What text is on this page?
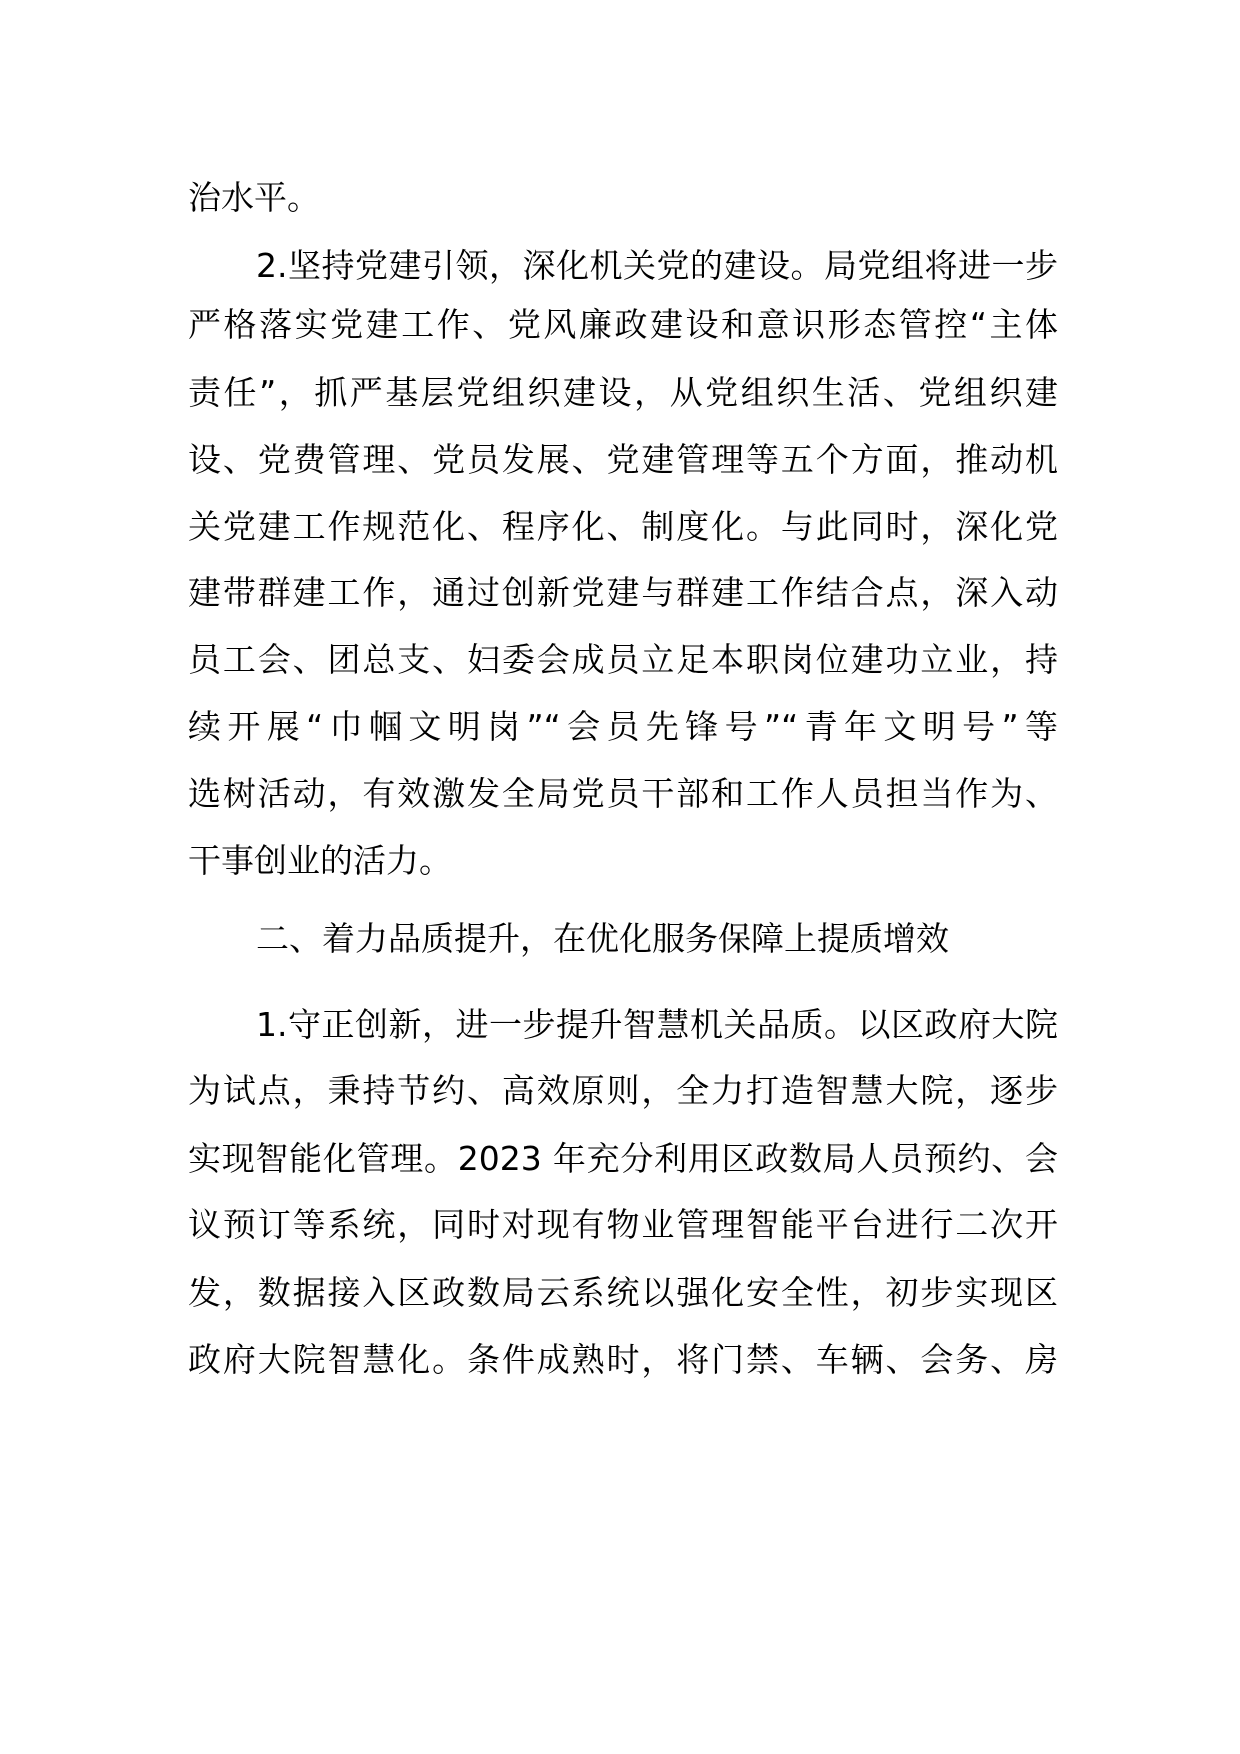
治水平。
2.坚持党建引领，深化机关党的建设。局党组将进一步
严格落实党建工作、党风廉政建设和意识形态管控“主体
责任”，抓严基层党组织建设，从党组织生活、党组织建
设、党费管理、党员发展、党建管理等五个方面，推动机
关党建工作规范化、程序化、制度化。与此同时，深化党
建带群建工作，通过创新党建与群建工作结合点，深入动
员工会、团总支、妇委会成员立足本职岗位建功立业，持
续开展“巾帼文明岗”“会员先锋号”“青年文明号”等
选树活动，有效激发全局党员干部和工作人员担当作为、
干事创业的活力。
二、着力品质提升，在优化服务保障上提质增效
1.守正创新，进一步提升智慧机关品质。以区政府大院
为试点，秉持节约、高效原则，全力打造智慧大院，逐步
实现智能化管理。2023 年充分利用区政数局人员预约、会
议预订等系统，同时对现有物业管理智能平台进行二次开
发，数据接入区政数局云系统以强化安全性，初步实现区
政府大院智慧化。条件成熟时，将门禁、车辆、会务、房
